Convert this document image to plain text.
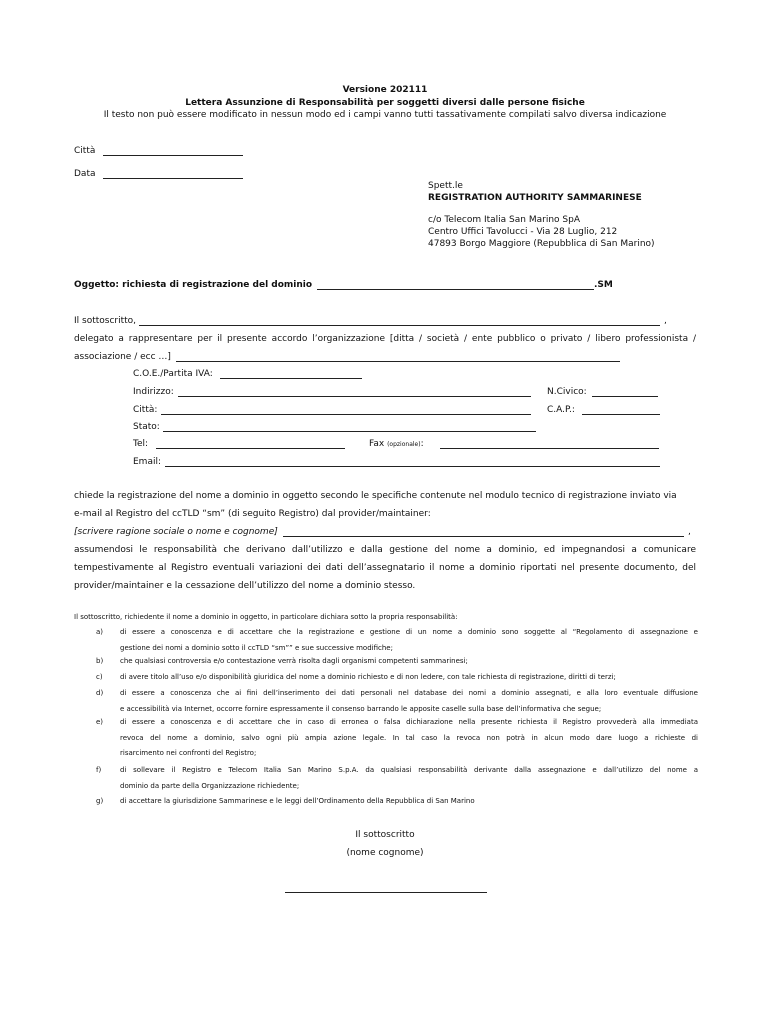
Versione 202111
Lettera Assunzione di Responsabilità per soggetti diversi dalle persone fisiche
Il testo non può essere modificato in nessun modo ed i campi vanno tutti tassativamente compilati salvo diversa indicazione
Città
Data
Spett.le
REGISTRATION AUTHORITY SAMMARINESE
c/o Telecom Italia San Marino SpA
Centro Uffici Tavolucci - Via 28 Luglio, 212
47893 Borgo Maggiore (Repubblica di San Marino)
Oggetto: richiesta di registrazione del dominio	.SM
Il sottoscritto,	,
delegato a rappresentare per il presente accordo l’organizzazione [ditta / società / ente pubblico o privato / libero professionista /
associazione / ecc …]
C.O.E./Partita IVA:
Indirizzo:	N.Civico:
Città:	C.A.P.:
Stato:
Tel:	Fax (opzionale):
Email:
chiede la registrazione del nome a dominio in oggetto secondo le specifiche contenute nel modulo tecnico di registrazione inviato via
e-mail al Registro del ccTLD “sm” (di seguito Registro) dal provider/maintainer:
[scrivere ragione sociale o nome e cognome]	,
assumendosi le responsabilità che derivano dall’utilizzo e dalla gestione del nome a dominio, ed impegnandosi a comunicare
tempestivamente al Registro eventuali variazioni dei dati dell’assegnatario il nome a dominio riportati nel presente documento, del
provider/maintainer e la cessazione dell’utilizzo del nome a dominio stesso.
Il sottoscritto, richiedente il nome a dominio in oggetto, in particolare dichiara sotto la propria responsabilità:
a) di essere a conoscenza e di accettare che la registrazione e gestione di un nome a dominio sono soggette al “Regolamento di assegnazione e
gestione dei nomi a dominio sotto il ccTLD “sm”” e sue successive modifiche;
b) che qualsiasi controversia e/o contestazione verrà risolta dagli organismi competenti sammarinesi;
c) di avere titolo all’uso e/o disponibilità giuridica del nome a dominio richiesto e di non ledere, con tale richiesta di registrazione, diritti di terzi;
d) di essere a conoscenza che ai fini dell’inserimento dei dati personali nel database dei nomi a dominio assegnati, e alla loro eventuale diffusione
e accessibilità via Internet, occorre fornire espressamente il consenso barrando le apposite caselle sulla base dell’informativa che segue;
e) di essere a conoscenza e di accettare che in caso di erronea o falsa dichiarazione nella presente richiesta il Registro provvederà alla immediata
revoca del nome a dominio, salvo ogni più ampia azione legale. In tal caso la revoca non potrà in alcun modo dare luogo a richieste di
risarcimento nei confronti del Registro;
f)	di sollevare il Registro e Telecom Italia San Marino S.p.A. da qualsiasi responsabilità derivante dalla assegnazione e dall’utilizzo del nome a
dominio da parte della Organizzazione richiedente;
g) di accettare la giurisdizione Sammarinese e le leggi dell’Ordinamento della Repubblica di San Marino
Il sottoscritto
(nome cognome)
